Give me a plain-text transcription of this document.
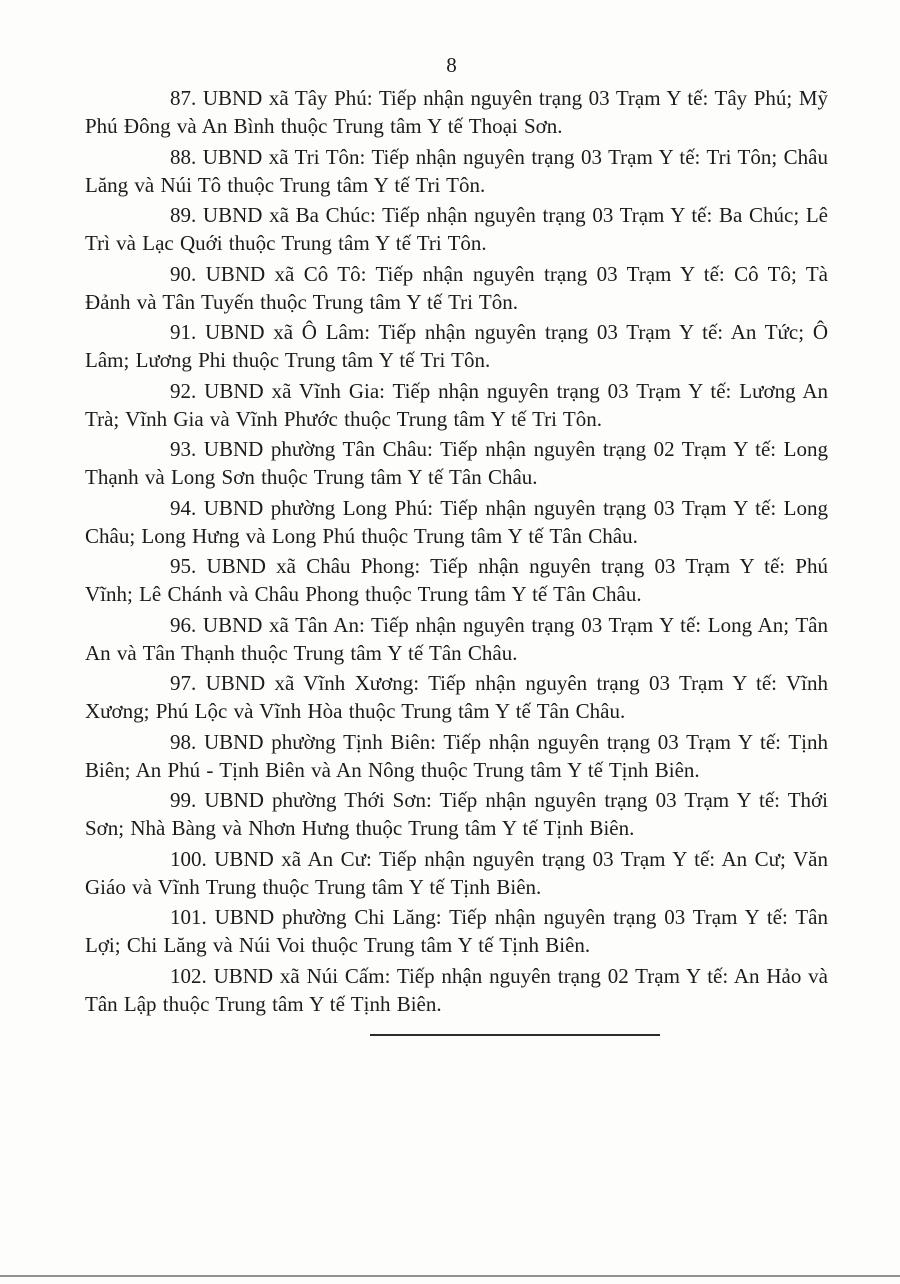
8

87. UBND xã Tây Phú: Tiếp nhận nguyên trạng 03 Trạm Y tế: Tây Phú; Mỹ Phú Đông và An Bình thuộc Trung tâm Y tế Thoại Sơn.

88. UBND xã Tri Tôn: Tiếp nhận nguyên trạng 03 Trạm Y tế: Tri Tôn; Châu Lăng và Núi Tô thuộc Trung tâm Y tế Tri Tôn.

89. UBND xã Ba Chúc: Tiếp nhận nguyên trạng 03 Trạm Y tế: Ba Chúc; Lê Trì và Lạc Quới thuộc Trung tâm Y tế Tri Tôn.

90. UBND xã Cô Tô: Tiếp nhận nguyên trạng 03 Trạm Y tế: Cô Tô; Tà Đảnh và Tân Tuyến thuộc Trung tâm Y tế Tri Tôn.

91. UBND xã Ô Lâm: Tiếp nhận nguyên trạng 03 Trạm Y tế: An Tức; Ô Lâm; Lương Phi thuộc Trung tâm Y tế Tri Tôn.

92. UBND xã Vĩnh Gia: Tiếp nhận nguyên trạng 03 Trạm Y tế: Lương An Trà; Vĩnh Gia và Vĩnh Phước thuộc Trung tâm Y tế Tri Tôn.

93. UBND phường Tân Châu: Tiếp nhận nguyên trạng 02 Trạm Y tế: Long Thạnh và Long Sơn thuộc Trung tâm Y tế Tân Châu.

94. UBND phường Long Phú: Tiếp nhận nguyên trạng 03 Trạm Y tế: Long Châu; Long Hưng và Long Phú thuộc Trung tâm Y tế Tân Châu.

95. UBND xã Châu Phong: Tiếp nhận nguyên trạng 03 Trạm Y tế: Phú Vĩnh; Lê Chánh và Châu Phong thuộc Trung tâm Y tế Tân Châu.

96. UBND xã Tân An: Tiếp nhận nguyên trạng 03 Trạm Y tế: Long An; Tân An và Tân Thạnh thuộc Trung tâm Y tế Tân Châu.

97. UBND xã Vĩnh Xương: Tiếp nhận nguyên trạng 03 Trạm Y tế: Vĩnh Xương; Phú Lộc và Vĩnh Hòa thuộc Trung tâm Y tế Tân Châu.

98. UBND phường Tịnh Biên: Tiếp nhận nguyên trạng 03 Trạm Y tế: Tịnh Biên; An Phú - Tịnh Biên và An Nông thuộc Trung tâm Y tế Tịnh Biên.

99. UBND phường Thới Sơn: Tiếp nhận nguyên trạng 03 Trạm Y tế: Thới Sơn; Nhà Bàng và Nhơn Hưng thuộc Trung tâm Y tế Tịnh Biên.

100. UBND xã An Cư: Tiếp nhận nguyên trạng 03 Trạm Y tế: An Cư; Văn Giáo và Vĩnh Trung thuộc Trung tâm Y tế Tịnh Biên.

101. UBND phường Chi Lăng: Tiếp nhận nguyên trạng 03 Trạm Y tế: Tân Lợi; Chi Lăng và Núi Voi thuộc Trung tâm Y tế Tịnh Biên.

102. UBND xã Núi Cấm: Tiếp nhận nguyên trạng 02 Trạm Y tế: An Hảo và Tân Lập thuộc Trung tâm Y tế Tịnh Biên.
